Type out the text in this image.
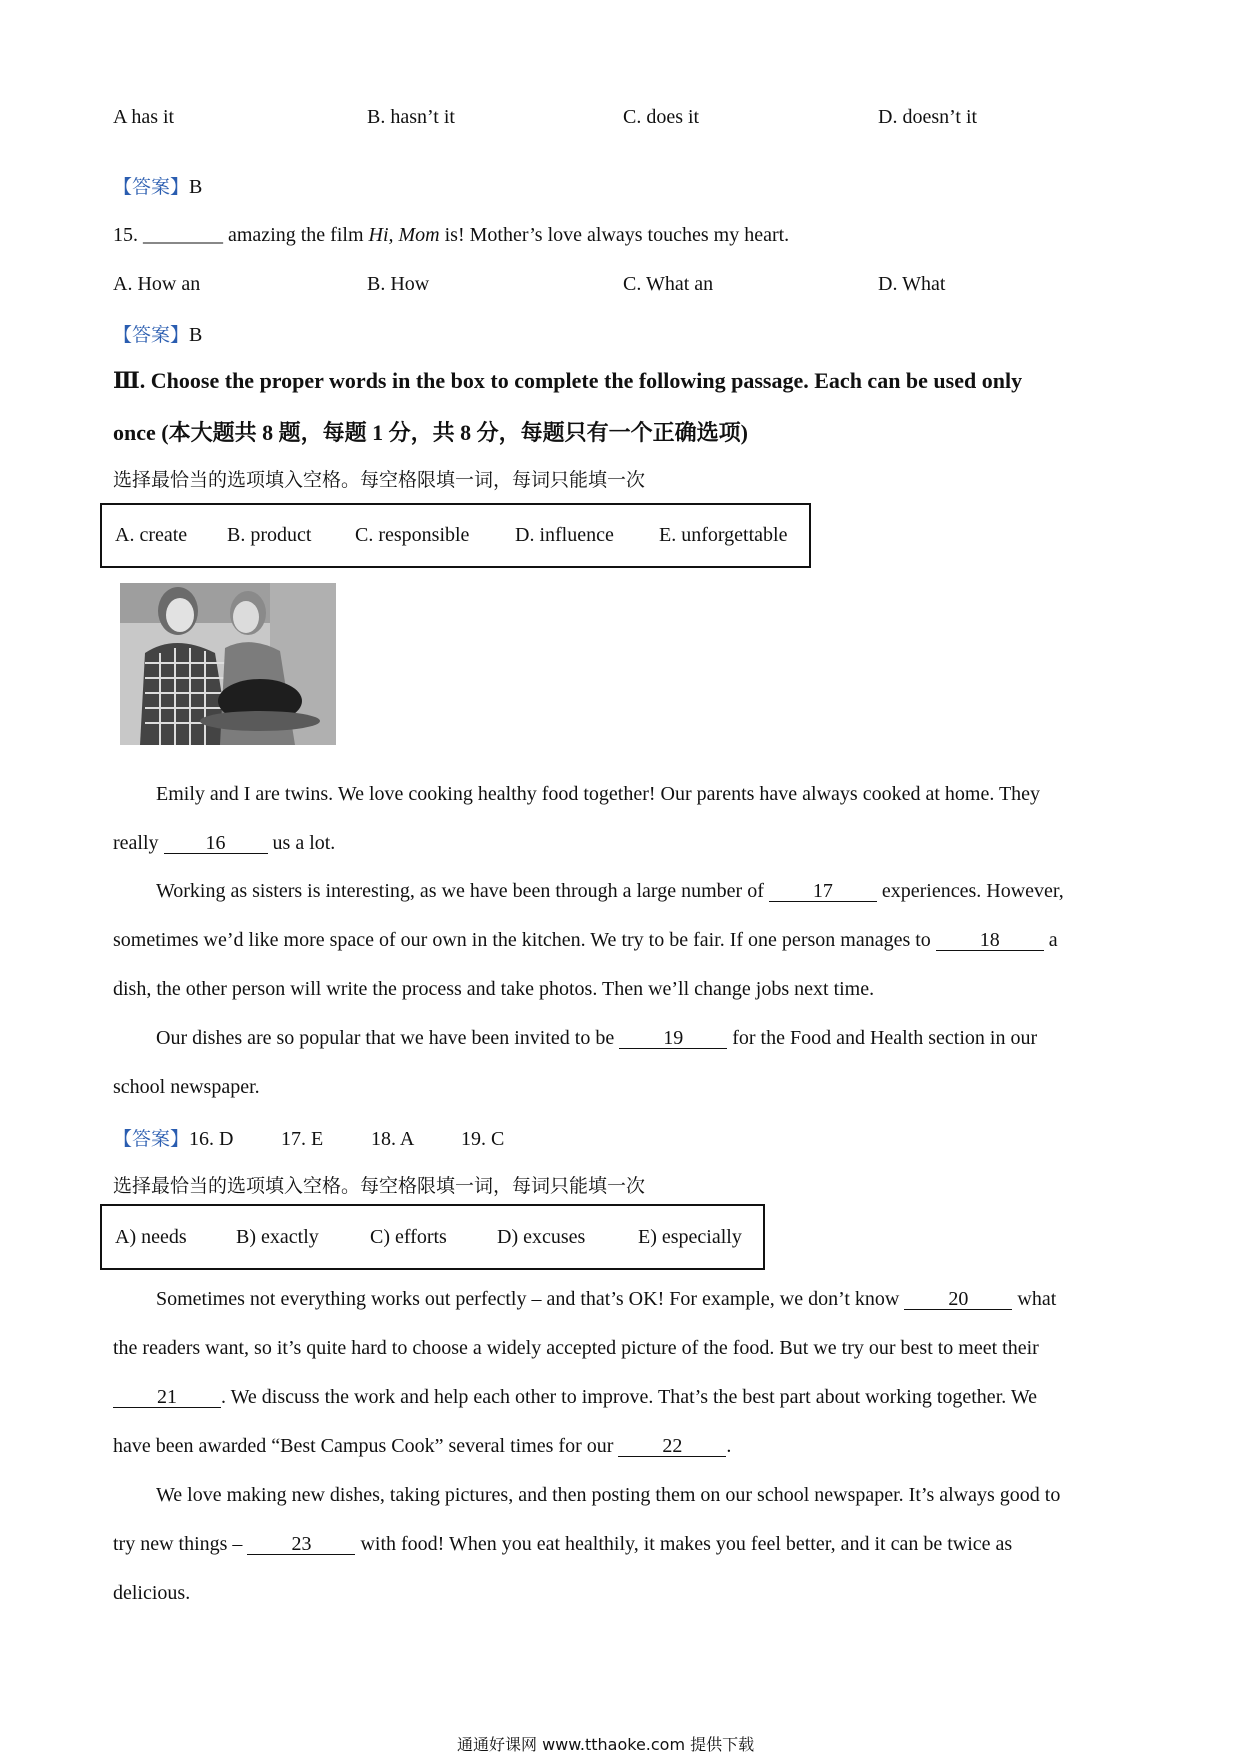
A has it	B. hasn’t it	C. does it	D. doesn’t it
【答案】B
15. ________ amazing the film Hi, Mom is! Mother’s love always touches my heart.
A. How an	B. How	C. What an	D. What
【答案】B
Ⅲ. Choose the proper words in the box to complete the following passage. Each can be used only
once (本大题共 8 题，每题 1 分，共 8 分，每题只有一个正确选项)
选择最恰当的选项填入空格。每空格限填一词，每词只能填一次
A. create B. product C. responsible D. influence E. unforgettable
Emily and I are twins. We love cooking healthy food together! Our parents have always cooked at home. They
really 16 us a lot.
Working as sisters is interesting, as we have been through a large number of 17 experiences. However,
sometimes we’d like more space of our own in the kitchen. We try to be fair. If one person manages to 18 a
dish, the other person will write the process and take photos. Then we’ll change jobs next time.
Our dishes are so popular that we have been invited to be 19 for the Food and Health section in our
school newspaper.
【答案】16. D 17. E 18. A 19. C
选择最恰当的选项填入空格。每空格限填一词，每词只能填一次
A) needs B) exactly	C) efforts	D) excuses	E) especially
Sometimes not everything works out perfectly – and that’s OK! For example, we don’t know 20 what
the readers want, so it’s quite hard to choose a widely accepted picture of the food. But we try our best to meet their
21 . We discuss the work and help each other to improve. That’s the best part about working together. We
have been awarded “Best Campus Cook” several times for our 22 .
We love making new dishes, taking pictures, and then posting them on our school newspaper. It’s always good to
try new things – 23 with food! When you eat healthily, it makes you feel better, and it can be twice as
delicious.
通通好课网 www.tthaoke.com 提供下载
